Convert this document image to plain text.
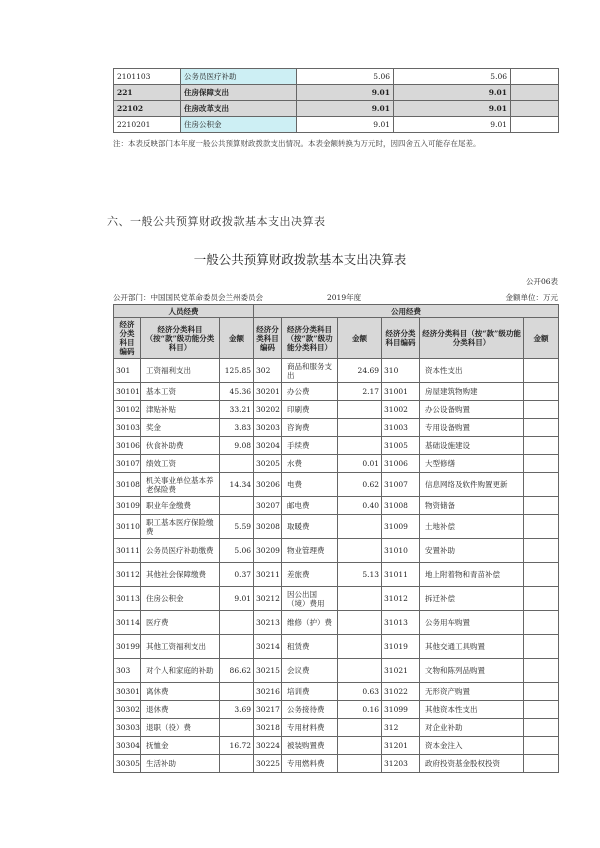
2101103	公务员医疗补助	5.06	5.06	
221	住房保障支出	9.01	9.01	
22102	住房改革支出	9.01	9.01	
2210201	住房公积金	9.01	9.01	
注：本表反映部门本年度一般公共预算财政拨款支出情况。本表金额转换为万元时，因四舍五入可能存在尾差。
六、一般公共预算财政拨款基本支出决算表
一般公共预算财政拨款基本支出决算表
公开06表
公开部门：中国国民党革命委员会兰州委员会	2019年度	金额单位：万元
人员经费			公用经费					
经济分类科目编码	经济分类科目（按“款”级功能分类科目）	金额	经济分类科目编码	经济分类科目（按“款”级功能分类科目）	金额	经济分类科目编码	经济分类科目（按“款”级功能分类科目）	金额
301	工资福利支出	125.85	302	商品和服务支出	24.69	310	资本性支出	
30101	基本工资	45.36	30201	办公费	2.17	31001	房屋建筑物购建	
30102	津贴补贴	33.21	30202	印刷费		31002	办公设备购置	
30103	奖金	3.83	30203	咨询费		31003	专用设备购置	
30106	伙食补助费	9.08	30204	手续费		31005	基础设施建设	
30107	绩效工资		30205	水费	0.01	31006	大型修缮	
30108	机关事业单位基本养老保险费	14.34	30206	电费	0.62	31007	信息网络及软件购置更新	
30109	职业年金缴费		30207	邮电费	0.40	31008	物资储备	
30110	职工基本医疗保险缴费	5.59	30208	取暖费		31009	土地补偿	
30111	公务员医疗补助缴费	5.06	30209	物业管理费		31010	安置补助	
30112	其他社会保障缴费	0.37	30211	差旅费	5.13	31011	地上附着物和青苗补偿	
30113	住房公积金	9.01	30212	因公出国（境）费用		31012	拆迁补偿	
30114	医疗费		30213	维修（护）费		31013	公务用车购置	
30199	其他工资福利支出		30214	租赁费		31019	其他交通工具购置	
303	对个人和家庭的补助	86.62	30215	会议费		31021	文物和陈列品购置	
30301	离休费		30216	培训费	0.63	31022	无形资产购置	
30302	退休费	3.69	30217	公务接待费	0.16	31099	其他资本性支出	
30303	退职（役）费		30218	专用材料费		312	对企业补助	
30304	抚恤金	16.72	30224	被装购置费		31201	资本金注入	
30305	生活补助		30225	专用燃料费		31203	政府投资基金股权投资	
